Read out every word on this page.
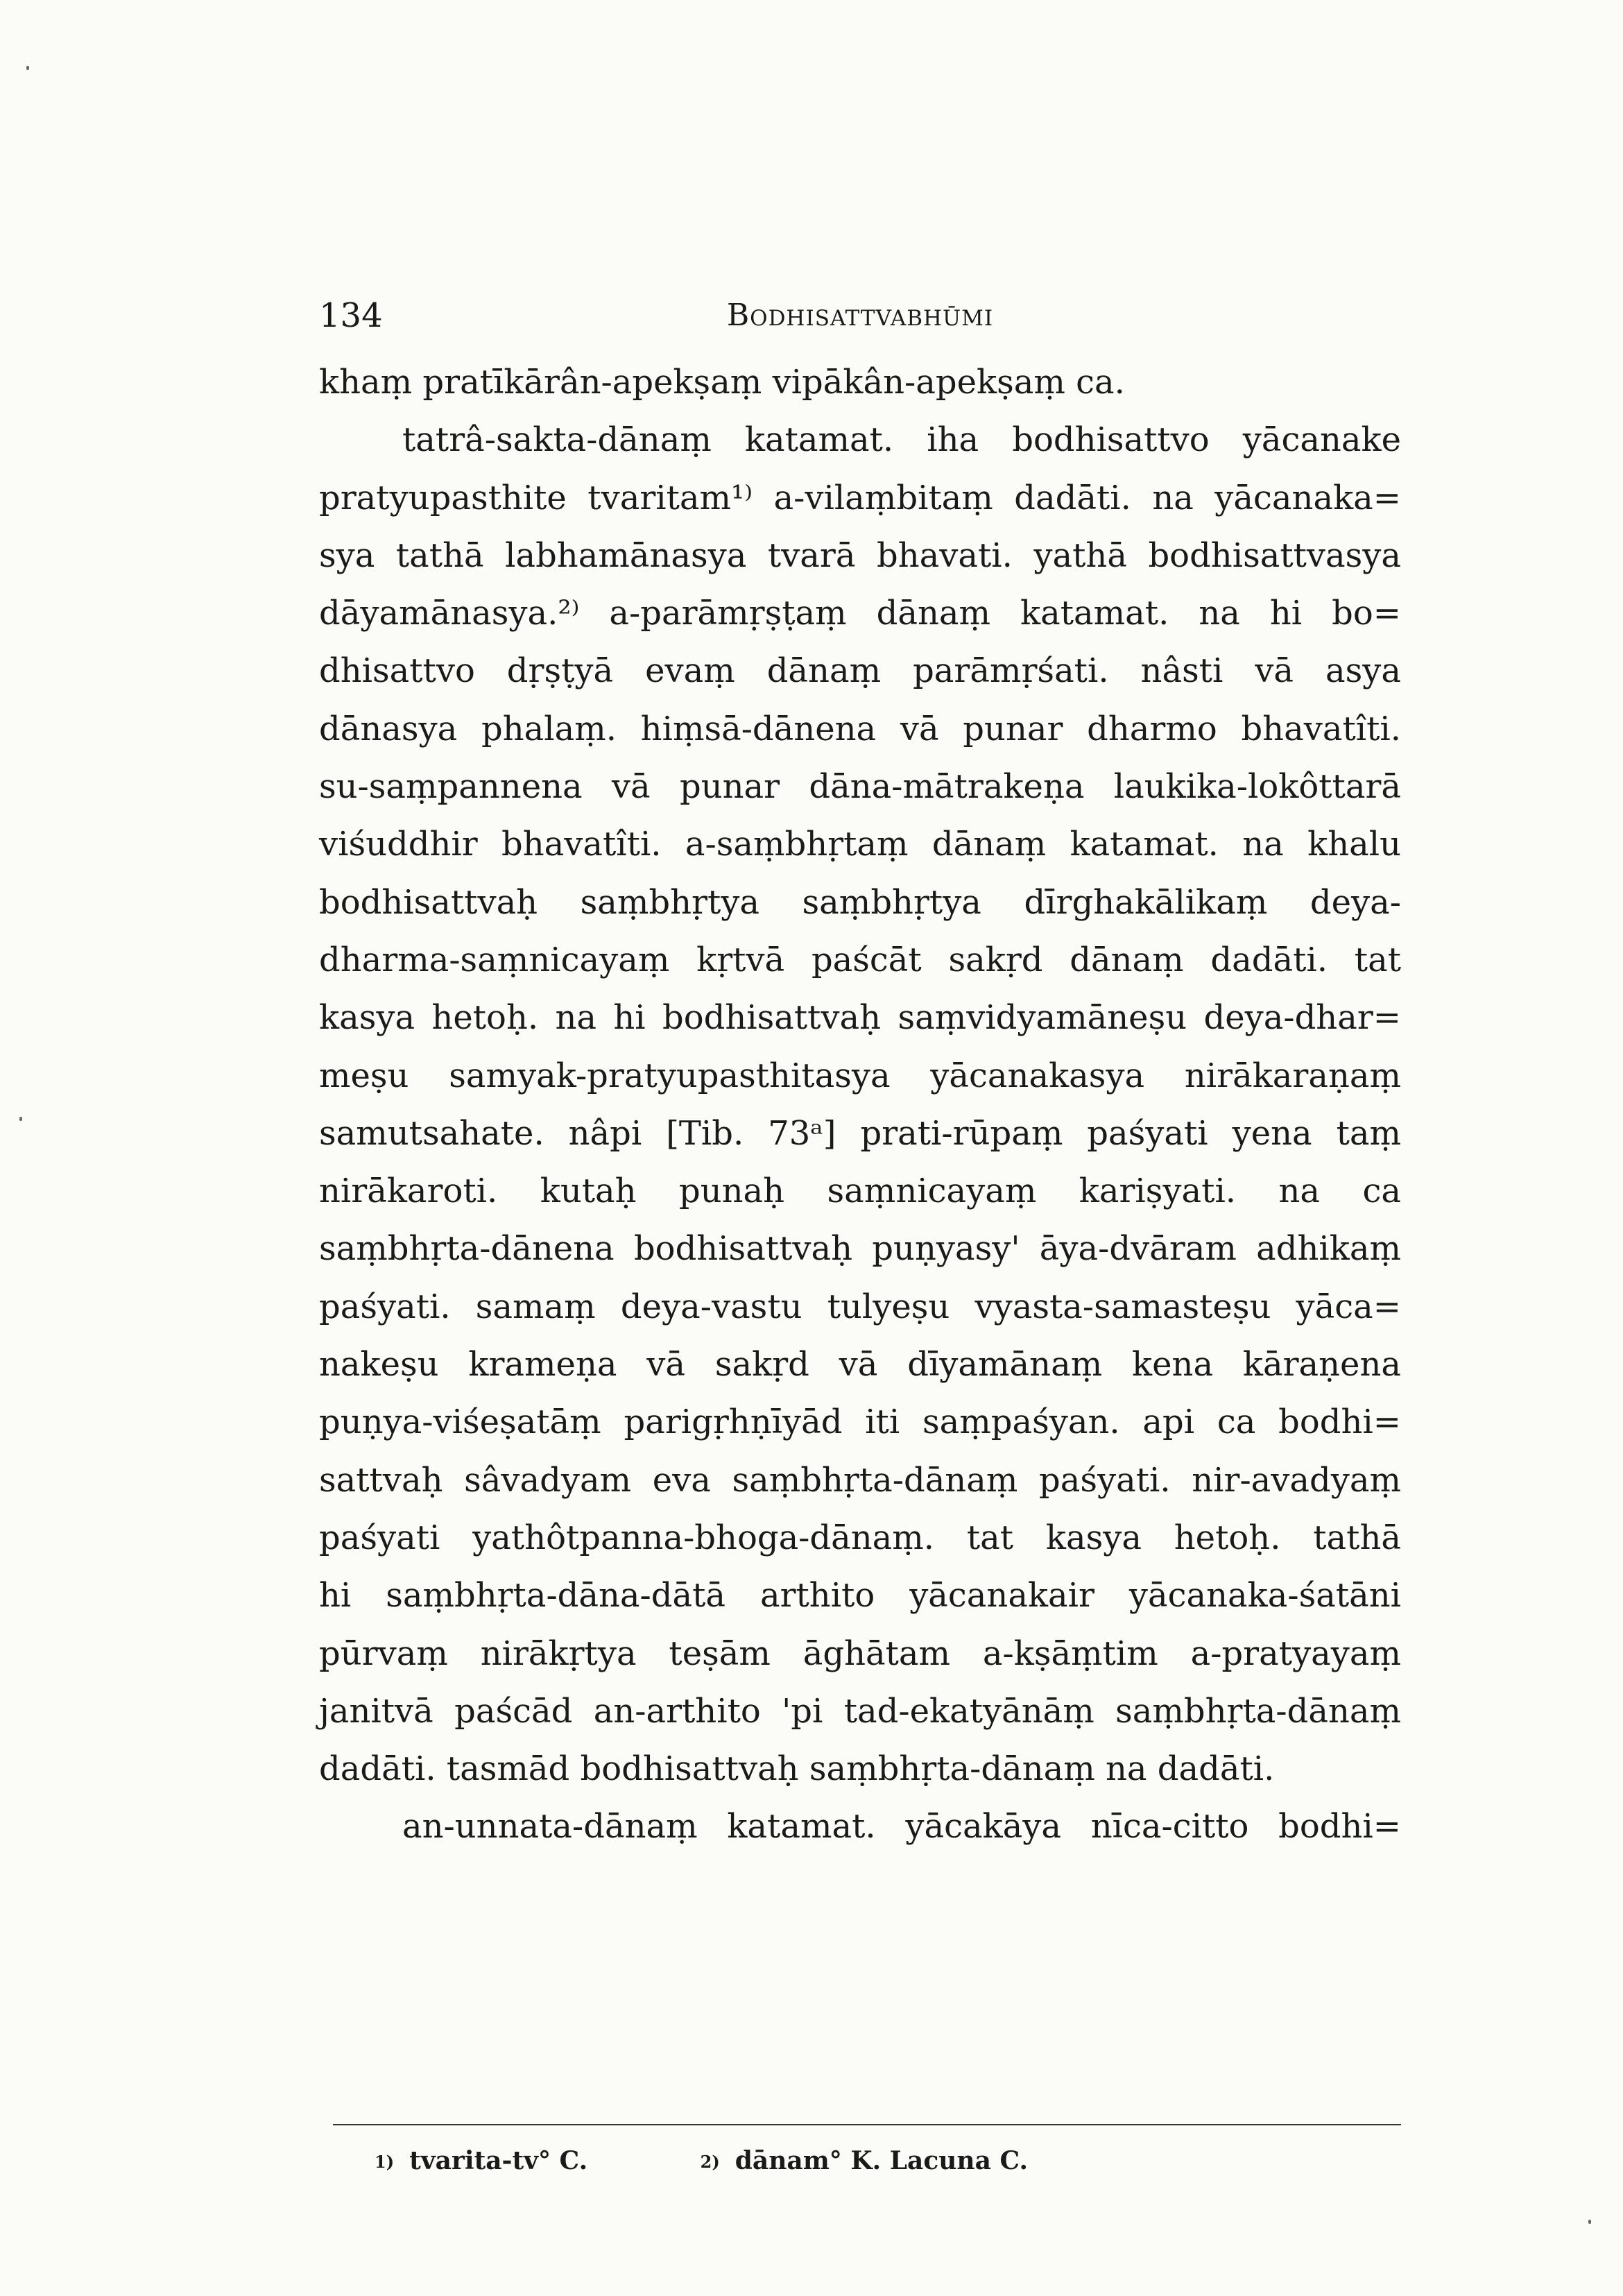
134	Bodhisattvabhūmi
khaṃ pratīkārân-apekṣaṃ vipākân-apekṣaṃ ca.
tatrâ-sakta-dānaṃ katamat. iha bodhisattvo yācanake
pratyupasthite tvaritam¹⁾ a-vilaṃbitaṃ dadāti. na yācanaka=
sya tathā labhamānasya tvarā bhavati. yathā bodhisattvasya
dāyamānasya.²⁾ a-parāmṛṣṭaṃ dānaṃ katamat. na hi bo=
dhisattvo dṛṣṭyā evaṃ dānaṃ parāmṛśati. nâsti vā asya
dānasya phalaṃ. hiṃsā-dānena vā punar dharmo bhavatîti.
su-saṃpannena vā punar dāna-mātrakeṇa laukika-lokôttarā
viśuddhir bhavatîti. a-saṃbhṛtaṃ dānaṃ katamat. na khalu
bodhisattvaḥ saṃbhṛtya saṃbhṛtya dīrghakālikaṃ deya-
dharma-saṃnicayaṃ kṛtvā paścāt sakṛd dānaṃ dadāti. tat
kasya hetoḥ. na hi bodhisattvaḥ saṃvidyamāneṣu deya-dhar=
meṣu samyak-pratyupasthitasya yācanakasya nirākaraṇaṃ
samutsahate. nâpi [Tib. 73ᵃ] prati-rūpaṃ paśyati yena taṃ
nirākaroti. kutaḥ punaḥ saṃnicayaṃ kariṣyati. na ca
saṃbhṛta-dānena bodhisattvaḥ puṇyasy' āya-dvāram adhikaṃ
paśyati. samaṃ deya-vastu tulyeṣu vyasta-samasteṣu yāca=
nakeṣu krameṇa vā sakṛd vā dīyamānaṃ kena kāraṇena
puṇya-viśeṣatāṃ parigṛhṇīyād iti saṃpaśyan. api ca bodhi=
sattvaḥ sâvadyam eva saṃbhṛta-dānaṃ paśyati. nir-avadyaṃ
paśyati yathôtpanna-bhoga-dānaṃ. tat kasya hetoḥ. tathā
hi saṃbhṛta-dāna-dātā arthito yācanakair yācanaka-śatāni
pūrvaṃ nirākṛtya teṣām āghātam a-kṣāṃtim a-pratyayaṃ
janitvā paścād an-arthito 'pi tad-ekatyānāṃ saṃbhṛta-dānaṃ
dadāti. tasmād bodhisattvaḥ saṃbhṛta-dānaṃ na dadāti.
an-unnata-dānaṃ katamat. yācakāya nīca-citto bodhi=
1) tvarita-tv° C.	2) dānam° K. Lacuna C.
